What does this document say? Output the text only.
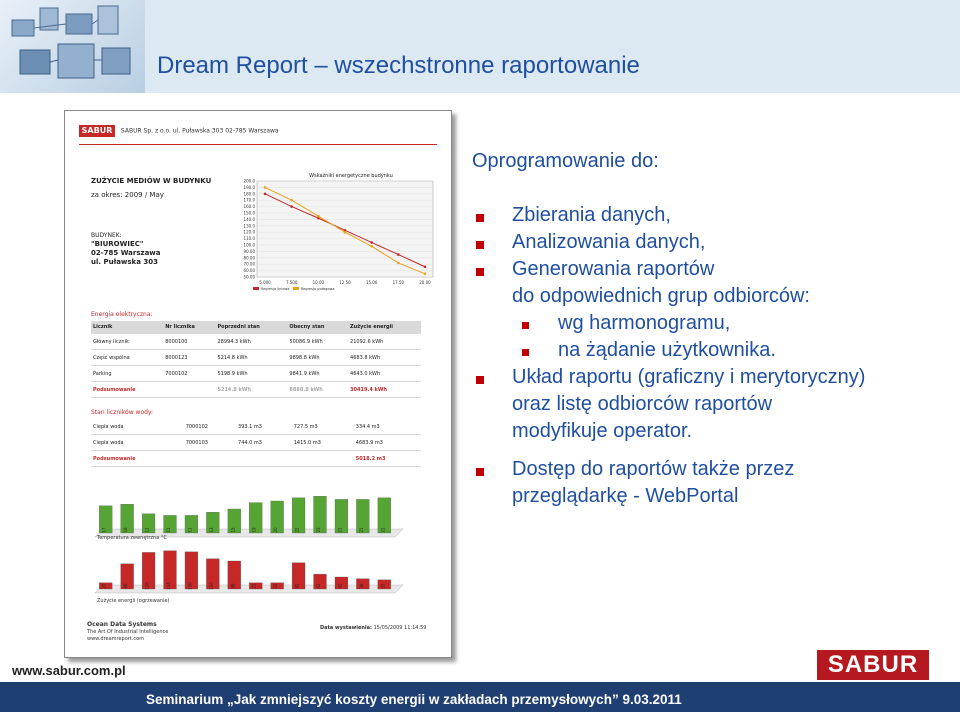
Dream Report – wszechstronne raportowanie
SABUR SABUR Sp. z o.o. ul. Puławska 303 02-785 Warszawa
ZUŻYCIE MEDIÓW W BUDYNKU
za okres: 2009 / May
BUDYNEK:
"BIUROWIEC"
02-785 Warszawa
ul. Puławska 303
Wskaźniki energetyczne budynku
200.0
190.0
180.0
170.0
160.0
150.0
140.0
130.0
120.0
110.0
100.0
90.00
80.00
70.00
60.00
50.00
5.000	7.500	10.00	12.50	15.00	17.50	20.00
Regresja liniowa	Regresja potegowa
Energia elektryczna:
Licznik	Nr licznika	Poprzedni stan	Obecny stan	Zużycie energii
Główny licznik	8000100	28994.3 kWh	50086.9 kWh	21092.6 kWh
Część wspólna	8000123	5214.8 kWh	9898.8 kWh	4683.8 kWh
Parking	7000102	5198.9 kWh	9841.9 kWh	4643.0 kWh
Podsumowanie		5214.8 kWh	8888.8 kWh	30419.4 kWh
Stan liczników wody:
Ciepła woda	7000102	393.1 m3	727.5 m3	334.4 m3
Ciepła woda	7000103	744.0 m3	1415.0 m3	4683.9 m3
Podsumowanie				5018.2 m3
17	18	12	11	11	13	15	19	20	22	23	21	21	22
Temperatura zewnętrzna °C
22	88	128	134	130	106	98	22	22	92	52	42	36	32
Zużycie energii (ogrzewanie)
Ocean Data Systems
The Art Of Industrial Intelligence
www.dreamreport.com
Data wystawienia: 15/05/2009 11:14:59
Oprogramowanie do:
Zbierania danych,
Analizowania danych,
Generowania raportów
do odpowiednich grup odbiorców:
wg harmonogramu,
na żądanie użytkownika.
Układ raportu (graficzny i merytoryczny)
oraz listę odbiorców raportów
modyfikuje operator.
Dostęp do raportów także przez
przeglądarkę - WebPortal
www.sabur.com.pl	SABUR
Seminarium „Jak zmniejszyć koszty energii w zakładach przemysłowych” 9.03.2011
